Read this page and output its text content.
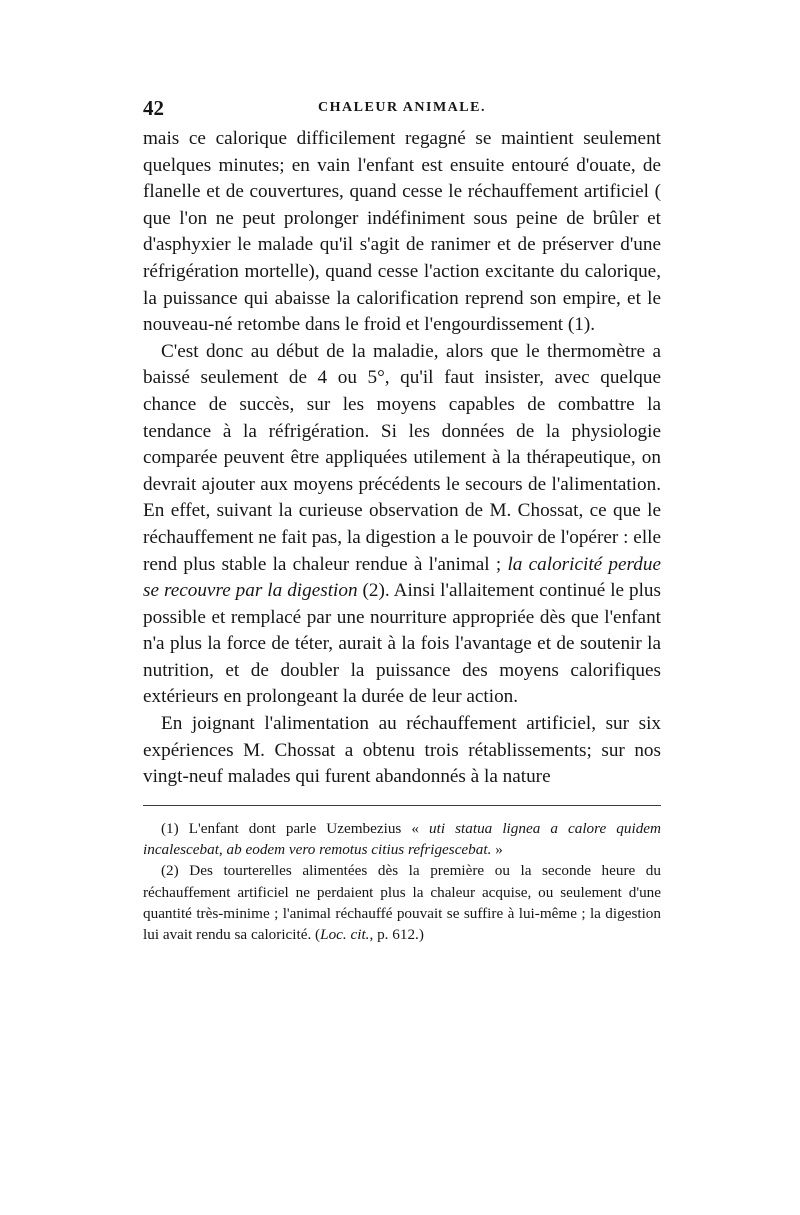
42	CHALEUR ANIMALE.

mais ce calorique difficilement regagné se maintient seulement quelques minutes; en vain l'enfant est ensuite entouré d'ouate, de flanelle et de couvertures, quand cesse le réchauffement artificiel ( que l'on ne peut prolonger indéfiniment sous peine de brûler et d'asphyxier le malade qu'il s'agit de ranimer et de préserver d'une réfrigération mortelle), quand cesse l'action excitante du calorique, la puissance qui abaisse la calorification reprend son empire, et le nouveau-né retombe dans le froid et l'engourdissement (1).

C'est donc au début de la maladie, alors que le thermomètre a baissé seulement de 4 ou 5°, qu'il faut insister, avec quelque chance de succès, sur les moyens capables de combattre la tendance à la réfrigération. Si les données de la physiologie comparée peuvent être appliquées utilement à la thérapeutique, on devrait ajouter aux moyens précédents le secours de l'alimentation. En effet, suivant la curieuse observation de M. Chossat, ce que le réchauffement ne fait pas, la digestion a le pouvoir de l'opérer : elle rend plus stable la chaleur rendue à l'animal ; la caloricité perdue se recouvre par la digestion (2). Ainsi l'allaitement continué le plus possible et remplacé par une nourriture appropriée dès que l'enfant n'a plus la force de téter, aurait à la fois l'avantage et de soutenir la nutrition, et de doubler la puissance des moyens calorifiques extérieurs en prolongeant la durée de leur action.

En joignant l'alimentation au réchauffement artificiel, sur six expériences M. Chossat a obtenu trois rétablissements; sur nos vingt-neuf malades qui furent abandonnés à la nature

(1) L'enfant dont parle Uzembezius « uti statua lignea a calore quidem incalescebat, ab eodem vero remotus citius refrigescebat. »

(2) Des tourterelles alimentées dès la première ou la seconde heure du réchauffement artificiel ne perdaient plus la chaleur acquise, ou seulement d'une quantité très-minime ; l'animal réchauffé pouvait se suffire à lui-même ; la digestion lui avait rendu sa caloricité. (Loc. cit., p. 612.)
